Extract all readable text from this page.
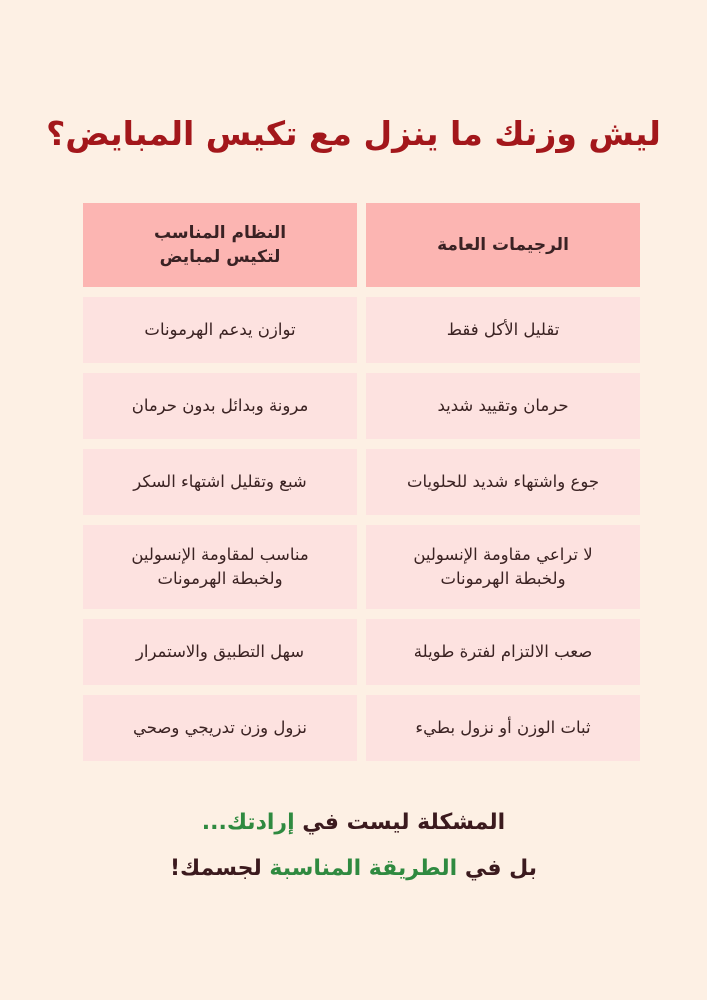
ليش وزنك ما ينزل مع تكيس المبايض؟
الرجيمات العامة
النظام المناسب
لتكيس لمبايض
تقليل الأكل فقط
توازن يدعم الهرمونات
حرمان وتقييد شديد
مرونة وبدائل بدون حرمان
جوع واشتهاء شديد للحلويات
شبع وتقليل اشتهاء السكر
لا تراعي مقاومة الإنسولين
ولخبطة الهرمونات
مناسب لمقاومة الإنسولين
ولخبطة الهرمونات
صعب الالتزام لفترة طويلة
سهل التطبيق والاستمرار
ثبات الوزن أو نزول بطيء
نزول وزن تدريجي وصحي
المشكلة ليست في إرادتك...
بل في الطريقة المناسبة لجسمك!
